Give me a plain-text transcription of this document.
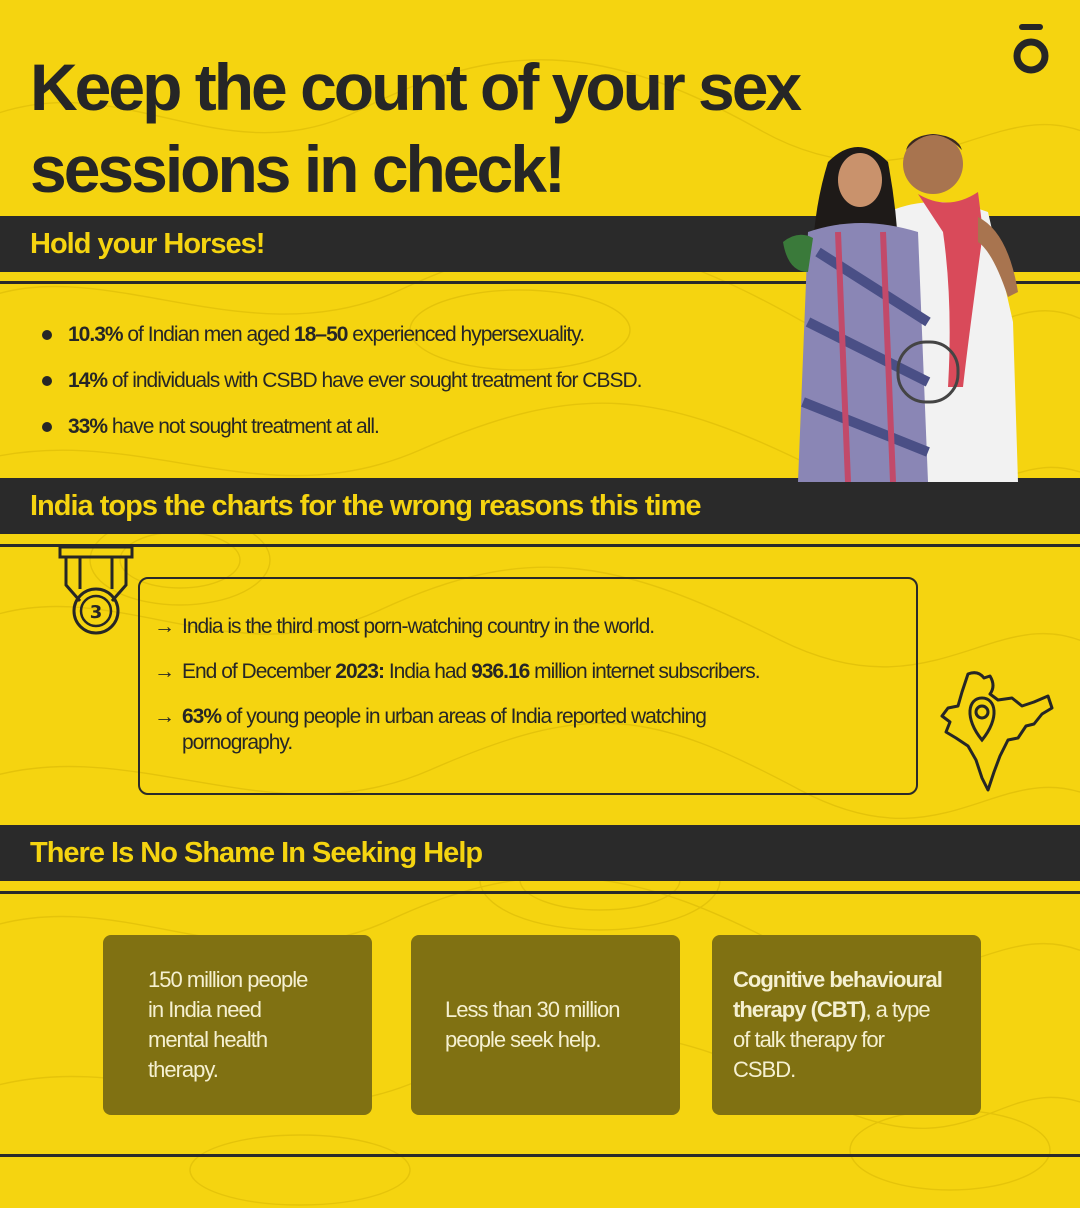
Keep the count of your sex
sessions in check!
Hold your Horses!
10.3% of Indian men aged 18–50 experienced hypersexuality.
14% of individuals with CSBD have ever sought treatment for CBSD.
33% have not sought treatment at all.
India tops the charts for the wrong reasons this time
3
→ India is the third most porn-watching country in the world.
→ End of December 2023: India had 936.16 million internet subscribers.
→ 63% of young people in urban areas of India reported watching
pornography.
There Is No Shame In Seeking Help
150 million people
in India need
mental health
therapy.
Less than 30 million
people seek help.
Cognitive behavioural
therapy (CBT), a type
of talk therapy for
CSBD.
